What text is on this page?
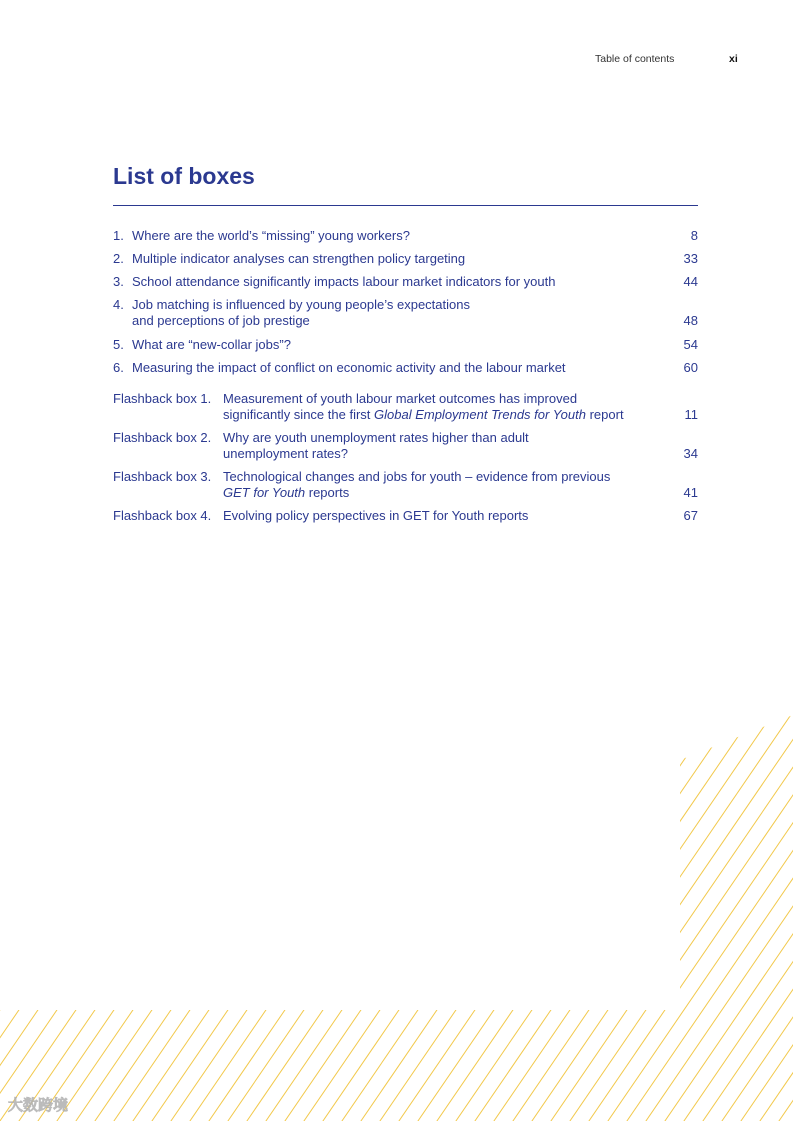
Table of contents	xi
List of boxes
1. Where are the world’s “missing” young workers?	8
2. Multiple indicator analyses can strengthen policy targeting	33
3. School attendance significantly impacts labour market indicators for youth	44
4. Job matching is influenced by young people’s expectations
and perceptions of job prestige	48
5. What are “new-collar jobs”?	54
6. Measuring the impact of conflict on economic activity and the labour market	60
Flashback box 1. Measurement of youth labour market outcomes has improved
significantly since the first Global Employment Trends for Youth report	11
Flashback box 2. Why are youth unemployment rates higher than adult
unemployment rates?	34
Flashback box 3. Technological changes and jobs for youth – evidence from previous
GET for Youth reports	41
Flashback box 4. Evolving policy perspectives in GET for Youth reports	67
大数跨境
